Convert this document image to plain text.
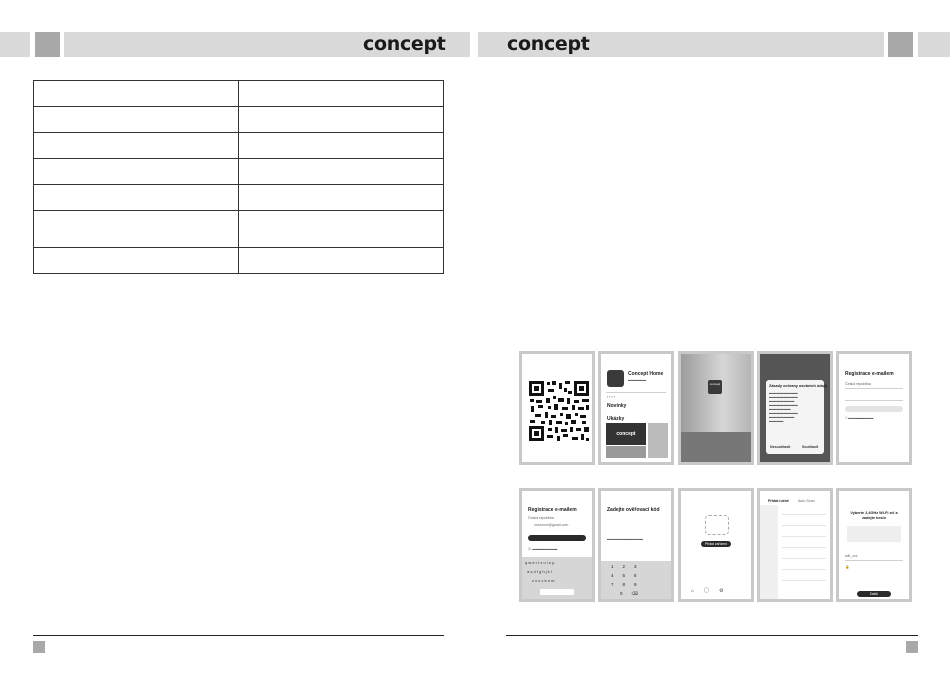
concept	concept

Concept Home
▬▬▬▬▬
▪ ▪ ▪ ▪
Novinky
Ukázky
concept
concept	Zásady ochrany osobních údajů
▬▬▬▬▬▬▬▬
▬▬▬▬▬▬▬▬
▬▬▬▬▬▬▬
▬▬▬▬▬▬▬▬
▬▬▬▬▬▬
▬▬▬▬▬▬▬▬
▬▬▬▬▬▬▬
▬▬▬▬
Nesouhlasit	Souhlasit
Registrace e-mailem
Česká republika
□ ▬▬▬▬▬▬▬
Registrace e-mailem
Česká republika
xxxxxxxx@gmail.com
☑ ▬▬▬▬▬▬▬
q w e r t z u i o p
a s d f g h j k l
z x c v b n m
Zadejte ověřovací kód
▬▬▬▬▬▬▬▬▬▬
1　　2　　3
4　　5　　6
7　　8　　9
　　0　　⌫
Přidat zařízení
⌂　　◯　　⚙
Přidat ručně	Auto Scan
Vyberte 2,4GHz Wi-Fi síť a zadejte heslo
wifi_xxx
🔒
Další
